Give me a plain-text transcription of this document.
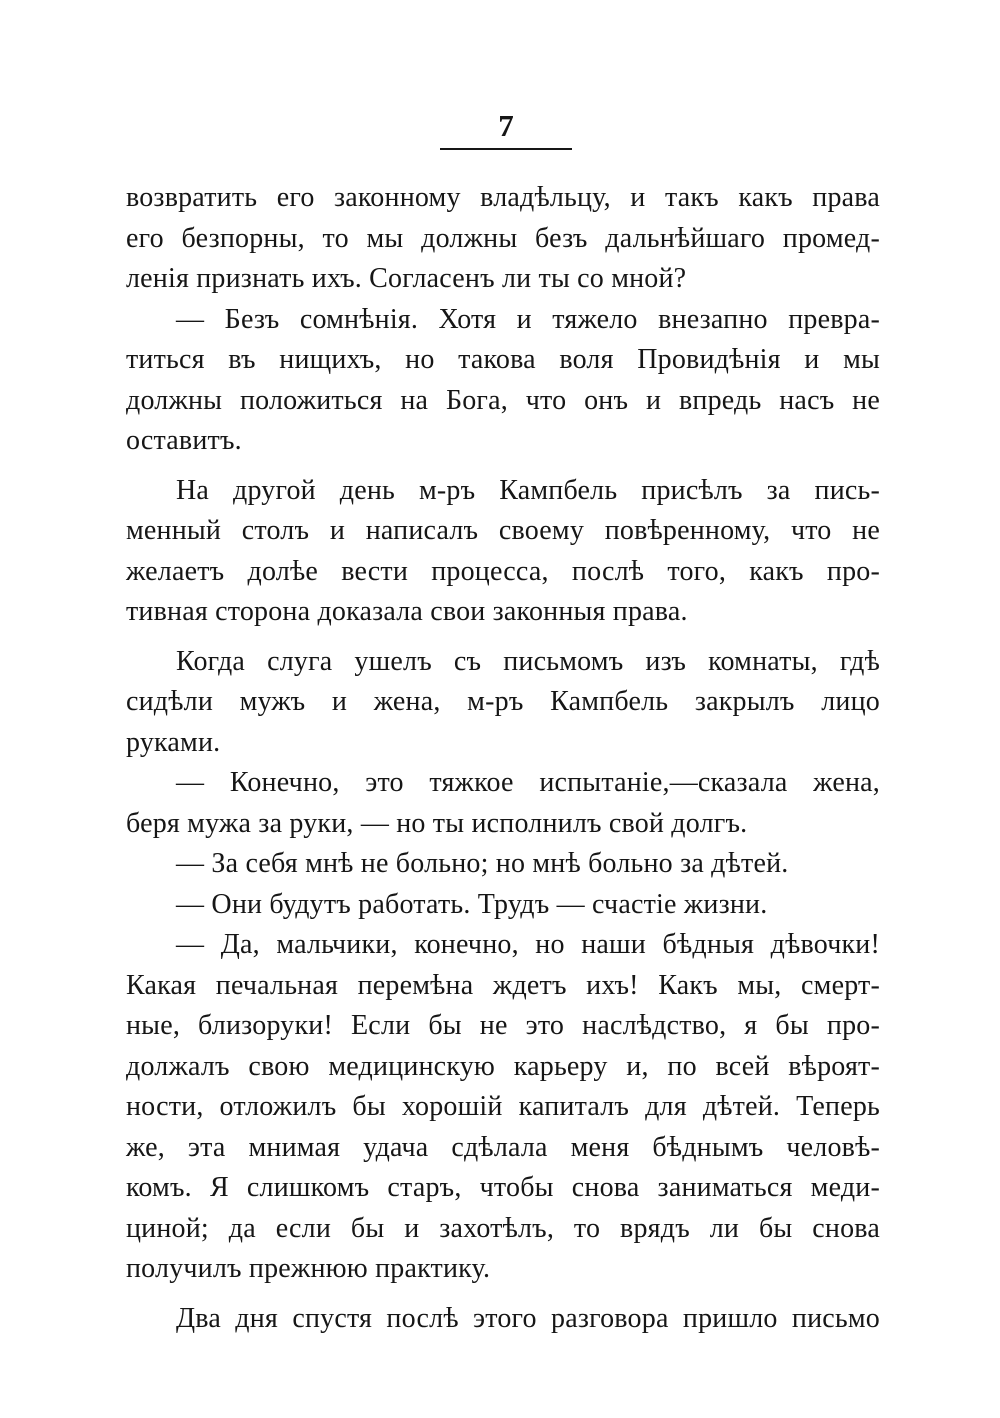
7
возвратить его законному владѣльцу, и такъ какъ права
его безпорны, то мы должны безъ дальнѣйшаго промед-
ленія признать ихъ. Согласенъ ли ты со мной?
— Безъ сомнѣнія. Хотя и тяжело внезапно превра-
титься въ нищихъ, но такова воля Провидѣнія и мы
должны положиться на Бога, что онъ и впредь насъ не
оставитъ.
На другой день м-ръ Кампбель присѣлъ за пись-
менный столъ и написалъ своему повѣренному, что не
желаетъ долѣе вести процесса, послѣ того, какъ про-
тивная сторона доказала свои законныя права.
Когда слуга ушелъ съ письмомъ изъ комнаты, гдѣ
сидѣли мужъ и жена, м-ръ Кампбель закрылъ лицо
руками.
— Конечно, это тяжкое испытаніе,—сказала жена,
беря мужа за руки, — но ты исполнилъ свой долгъ.
— За себя мнѣ не больно; но мнѣ больно за дѣтей.
— Они будутъ работать. Трудъ — счастіе жизни.
— Да, мальчики, конечно, но наши бѣдныя дѣвочки!
Какая печальная перемѣна ждетъ ихъ! Какъ мы, смерт-
ные, близоруки! Если бы не это наслѣдство, я бы про-
должалъ свою медицинскую карьеру и, по всей вѣроят-
ности, отложилъ бы хорошій капиталъ для дѣтей. Теперь
же, эта мнимая удача сдѣлала меня бѣднымъ человѣ-
комъ. Я слишкомъ старъ, чтобы снова заниматься меди-
циной; да если бы и захотѣлъ, то врядъ ли бы снова
получилъ прежнюю практику.
Два дня спустя послѣ этого разговора пришло письмо
